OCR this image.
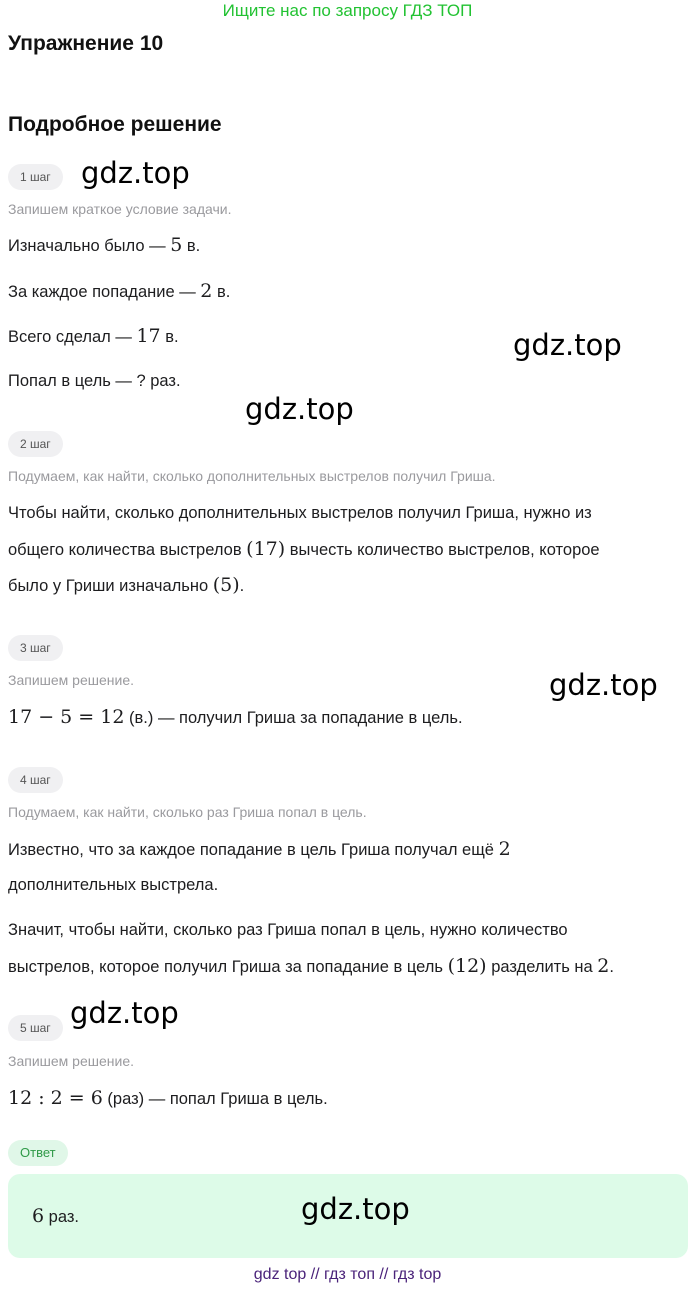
Ищите нас по запросу ГДЗ ТОП
Упражнение 10
Подробное решение
1 шаг	gdz.top
Запишем краткое условие задачи.
Изначально было — 5 в.
За каждое попадание — 2 в.
Всего сделал — 17 в.	gdz.top
Попал в цель — ? раз.
gdz.top
2 шаг
Подумаем, как найти, сколько дополнительных выстрелов получил Гриша.
Чтобы найти, сколько дополнительных выстрелов получил Гриша, нужно из
общего количества выстрелов (17) вычесть количество выстрелов, которое
было у Гриши изначально (5).
3 шаг
Запишем решение.	gdz.top
17 − 5 = 12 (в.) — получил Гриша за попадание в цель.
4 шаг
Подумаем, как найти, сколько раз Гриша попал в цель.
Известно, что за каждое попадание в цель Гриша получал ещё 2
дополнительных выстрела.
Значит, чтобы найти, сколько раз Гриша попал в цель, нужно количество
выстрелов, которое получил Гриша за попадание в цель (12) разделить на 2.
5 шаг gdz.top
Запишем решение.
12 : 2 = 6 (раз) — попал Гриша в цель.
Ответ
6 раз.	gdz.top
gdz top // гдз топ // гдз top
